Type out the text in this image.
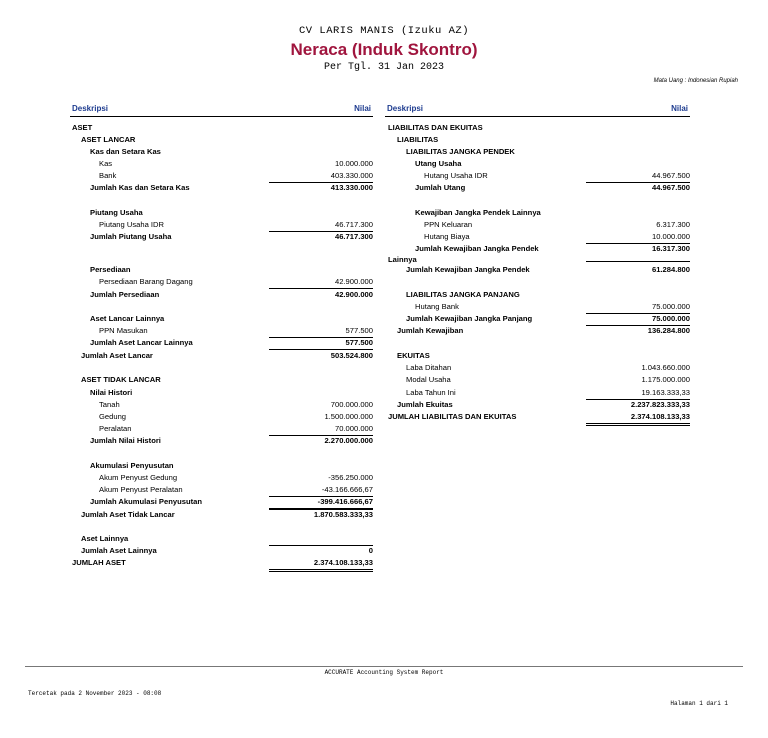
CV LARIS MANIS (Izuku AZ)
Neraca (Induk Skontro)
Per Tgl. 31 Jan 2023
Mata Uang : Indonesian Rupiah
Deskripsi	Nilai Deskripsi	Nilai
ASET
ASET LANCAR
Kas dan Setara Kas
Kas	10.000.000
Bank	403.330.000
Jumlah Kas dan Setara Kas	413.330.000
Piutang Usaha
Piutang Usaha IDR	46.717.300
Jumlah Piutang Usaha	46.717.300
Persediaan
Persediaan Barang Dagang	42.900.000
Jumlah Persediaan	42.900.000
Aset Lancar Lainnya
PPN Masukan	577.500
Jumlah Aset Lancar Lainnya	577.500
Jumlah Aset Lancar	503.524.800
ASET TIDAK LANCAR
Nilai Histori
Tanah	700.000.000
Gedung	1.500.000.000
Peralatan	70.000.000
Jumlah Nilai Histori	2.270.000.000
Akumulasi Penyusutan
Akum Penyust Gedung	-356.250.000
Akum Penyust Peralatan	-43.166.666,67
Jumlah Akumulasi Penyusutan	-399.416.666,67
Jumlah Aset Tidak Lancar	1.870.583.333,33
Aset Lainnya
Jumlah Aset Lainnya	0
JUMLAH ASET	2.374.108.133,33
LIABILITAS DAN EKUITAS
LIABILITAS
LIABILITAS JANGKA PENDEK
Utang Usaha
Hutang Usaha IDR	44.967.500
Jumlah Utang	44.967.500
Kewajiban Jangka Pendek Lainnya
PPN Keluaran	6.317.300
Hutang Biaya	10.000.000
Jumlah Kewajiban Jangka Pendek	16.317.300
Lainnya
Jumlah Kewajiban Jangka Pendek	61.284.800
LIABILITAS JANGKA PANJANG
Hutang Bank	75.000.000
Jumlah Kewajiban Jangka Panjang	75.000.000
Jumlah Kewajiban	136.284.800
EKUITAS
Laba Ditahan	1.043.660.000
Modal Usaha	1.175.000.000
Laba Tahun Ini	19.163.333,33
Jumlah Ekuitas	2.237.823.333,33
JUMLAH LIABILITAS DAN EKUITAS	2.374.108.133,33
ACCURATE Accounting System Report
Tercetak pada 2 November 2023 - 08:08
Halaman 1 dari 1
